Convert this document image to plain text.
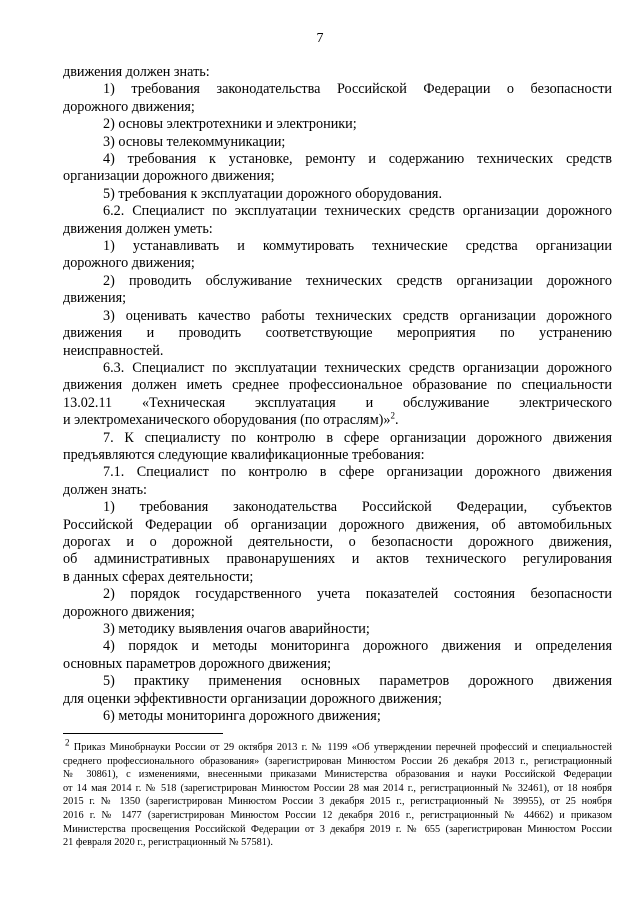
7
движения должен знать:
1) требования законодательства Российской Федерации о безопасности
дорожного движения;
2) основы электротехники и электроники;
3) основы телекоммуникации;
4) требования к установке, ремонту и содержанию технических средств
организации дорожного движения;
5) требования к эксплуатации дорожного оборудования.
6.2. Специалист по эксплуатации технических средств организации дорожного
движения должен уметь:
1) устанавливать и коммутировать технические средства организации
дорожного движения;
2) проводить обслуживание технических средств организации дорожного
движения;
3) оценивать качество работы технических средств организации дорожного
движения и проводить соответствующие мероприятия по устранению
неисправностей.
6.3. Специалист по эксплуатации технических средств организации дорожного
движения должен иметь среднее профессиональное образование по специальности
13.02.11 «Техническая эксплуатация и обслуживание электрического
и электромеханического оборудования (по отраслям)»$^2$.
7. К специалисту по контролю в сфере организации дорожного движения
предъявляются следующие квалификационные требования:
7.1. Специалист по контролю в сфере организации дорожного движения
должен знать:
1) требования законодательства Российской Федерации, субъектов
Российской Федерации об организации дорожного движения, об автомобильных
дорогах и о дорожной деятельности, о безопасности дорожного движения,
об административных правонарушениях и актов технического регулирования
в данных сферах деятельности;
2) порядок государственного учета показателей состояния безопасности
дорожного движения;
3) методику выявления очагов аварийности;
4) порядок и методы мониторинга дорожного движения и определения
основных параметров дорожного движения;
5) практику применения основных параметров дорожного движения
для оценки эффективности организации дорожного движения;
6) методы мониторинга дорожного движения;
$^2$ Приказ Минобрнауки России от 29 октября 2013 г. № 1199 «Об утверждении перечней профессий и специальностей
среднего профессионального образования» (зарегистрирован Минюстом России 26 декабря 2013 г., регистрационный
№ 30861), с изменениями, внесенными приказами Министерства образования и науки Российской Федерации
от 14 мая 2014 г. № 518 (зарегистрирован Минюстом России 28 мая 2014 г., регистрационный № 32461), от 18 ноября
2015 г. № 1350 (зарегистрирован Минюстом России 3 декабря 2015 г., регистрационный № 39955), от 25 ноября
2016 г. № 1477 (зарегистрирован Минюстом России 12 декабря 2016 г., регистрационный № 44662) и приказом
Министерства просвещения Российской Федерации от 3 декабря 2019 г. № 655 (зарегистрирован Минюстом России
21 февраля 2020 г., регистрационный № 57581).
